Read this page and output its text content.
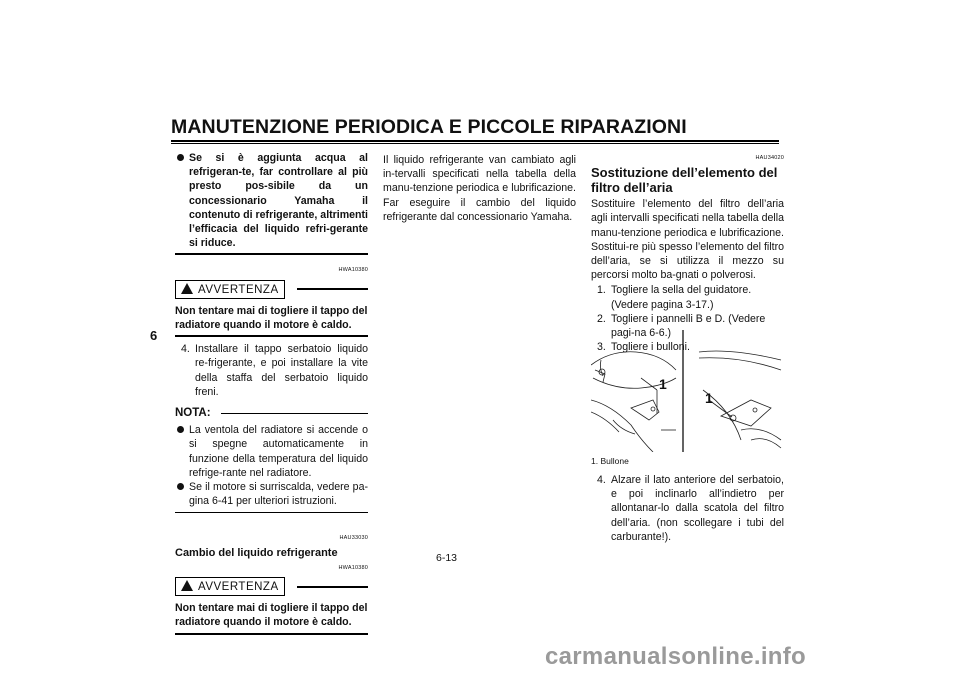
MANUTENZIONE PERIODICA E PICCOLE RIPARAZIONI
6
Se si è aggiunta acqua al refrigeran-te, far controllare al più presto pos-sibile da un concessionario Yamaha il contenuto di refrigerante, altrimenti l’efficacia del liquido refri-gerante si riduce.
HWA10380
AVVERTENZA
Non tentare mai di togliere il tappo del radiatore quando il motore è caldo.
4. Installare il tappo serbatoio liquido re-frigerante, e poi installare la vite della staffa del serbatoio liquido freni.
NOTA:
La ventola del radiatore si accende o si spegne automaticamente in funzione della temperatura del liquido refrige-rante nel radiatore.
Se il motore si surriscalda, vedere pa-gina 6-41 per ulteriori istruzioni.
HAU33030
Cambio del liquido refrigerante
HWA10380
AVVERTENZA
Non tentare mai di togliere il tappo del radiatore quando il motore è caldo.
Il liquido refrigerante van cambiato agli in-tervalli specificati nella tabella della manu-tenzione periodica e lubrificazione. Far eseguire il cambio del liquido refrigerante dal concessionario Yamaha.
HAU34020
Sostituzione dell’elemento del filtro dell’aria
Sostituire l’elemento del filtro dell’aria agli intervalli specificati nella tabella della manu-tenzione periodica e lubrificazione. Sostitui-re più spesso l’elemento del filtro dell’aria, se si utilizza il mezzo su percorsi molto ba-gnati o polverosi.
1. Togliere la sella del guidatore. (Vedere pagina 3-17.)
2. Togliere i pannelli B e D. (Vedere pagi-na 6-6.)
3. Togliere i bulloni.
1
1
1. Bullone
4. Alzare il lato anteriore del serbatoio, e poi inclinarlo all’indietro per allontanar-lo dalla scatola del filtro dell’aria. (non scollegare i tubi del carburante!).
6-13
carmanualsonline.info
